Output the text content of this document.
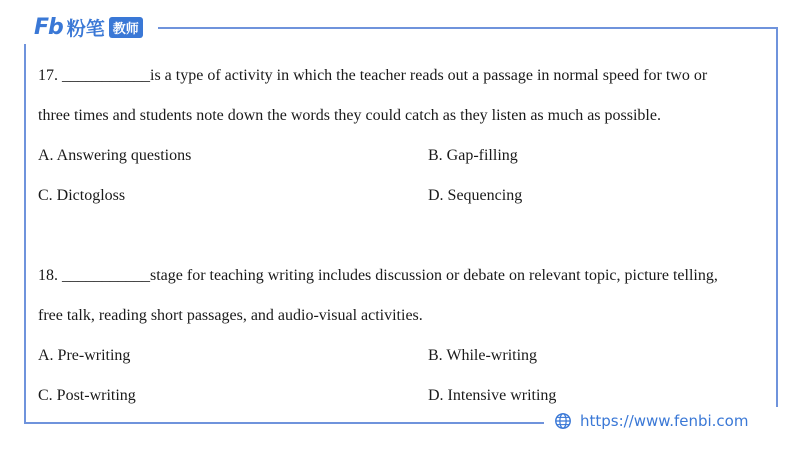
Fb 粉笔 教师
17. ___________is a type of activity in which the teacher reads out a passage in normal speed for two or
three times and students note down the words they could catch as they listen as much as possible.
A. Answering questions	B. Gap-filling
C. Dictogloss	D. Sequencing
18. ___________stage for teaching writing includes discussion or debate on relevant topic, picture telling,
free talk, reading short passages, and audio-visual activities.
A. Pre-writing	B. While-writing
C. Post-writing	D. Intensive writing
https://www.fenbi.com
